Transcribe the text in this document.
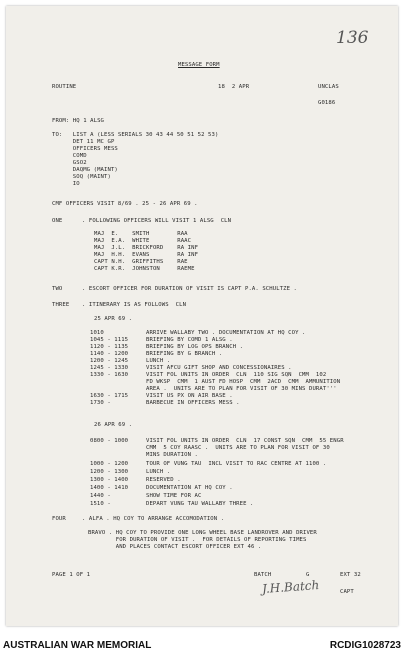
136
MESSAGE FORM
ROUTINE	18  2 APR	UNCLAS
G0186
FROM: HQ 1 ALSG
TO:   LIST A (LESS SERIALS 30 43 44 50 51 52 53)
DET 11 MC GP
OFFICERS MESS
COMD
GSO2
DAQMG (MAINT)
SOQ (MAINT)
IO
CMF OFFICERS VISIT 8/69 . 25 - 26 APR 69 .
ONE	. FOLLOWING OFFICERS WILL VISIT 1 ALSG  CLN
MAJ  E.    SMITH        RAA
MAJ  E.A.  WHITE        RAAC
MAJ  J.L.  BRICKFORD    RA INF
MAJ  H.H.  EVANS        RA INF
CAPT N.H.  GRIFFITHS    RAE
CAPT K.R.  JOHNSTON     RAEME
TWO	. ESCORT OFFICER FOR DURATION OF VISIT IS CAPT P.A. SCHULTZE .
THREE . ITINERARY IS AS FOLLOWS  CLN
25 APR 69 .
1010	ARRIVE WALLABY TWO . DOCUMENTATION AT HQ COY .
1045 - 1115	BRIEFING BY COMD 1 ALSG .
1120 - 1135	BRIEFING BY LOG OPS BRANCH .
1140 - 1200	BRIEFING BY G BRANCH .
1200 - 1245	LUNCH .
1245 - 1330	VISIT AFCU GIFT SHOP AND CONCESSIONAIRES .
1330 - 1630	VISIT FOL UNITS IN ORDER  CLN  110 SIG SQN  CMM  102
FD WKSP  CMM  1 AUST FD HOSP  CMM  2ACD  CMM  AMMUNITION
AREA .  UNITS ARE TO PLAN FOR VISIT OF 30 MINS DURAT'''
1630 - 1715	VISIT US PX ON AIR BASE .
1730 -	BARBECUE IN OFFICERS MESS .
26 APR 69 .
0800 - 1000	VISIT FOL UNITS IN ORDER  CLN  17 CONST SQN  CMM  55 ENGR
CMM  5 COY RAASC .  UNITS ARE TO PLAN FOR VISIT OF 30
MINS DURATION .
1000 - 1200	TOUR OF VUNG TAU  INCL VISIT TO RAC CENTRE AT 1100 .
1200 - 1300	LUNCH .
1300 - 1400	RESERVED .
1400 - 1410	DOCUMENTATION AT HQ COY .
1440 -	SHOW TIME FOR AC
1510 -	DEPART VUNG TAU WALLABY THREE .
FOUR	. ALFA . HQ COY TO ARRANGE ACCOMODATION .
BRAVO . HQ COY TO PROVIDE ONE LONG WHEEL BASE LANDROVER AND DRIVER
FOR DURATION OF VISIT .  FOR DETAILS OF REPORTING TIMES
AND PLACES CONTACT ESCORT OFFICER EXT 46 .
PAGE 1 OF 1	BATCH	G	EXT 32
J.H.Batch	CAPT
AUSTRALIAN WAR MEMORIAL	RCDIG1028723
